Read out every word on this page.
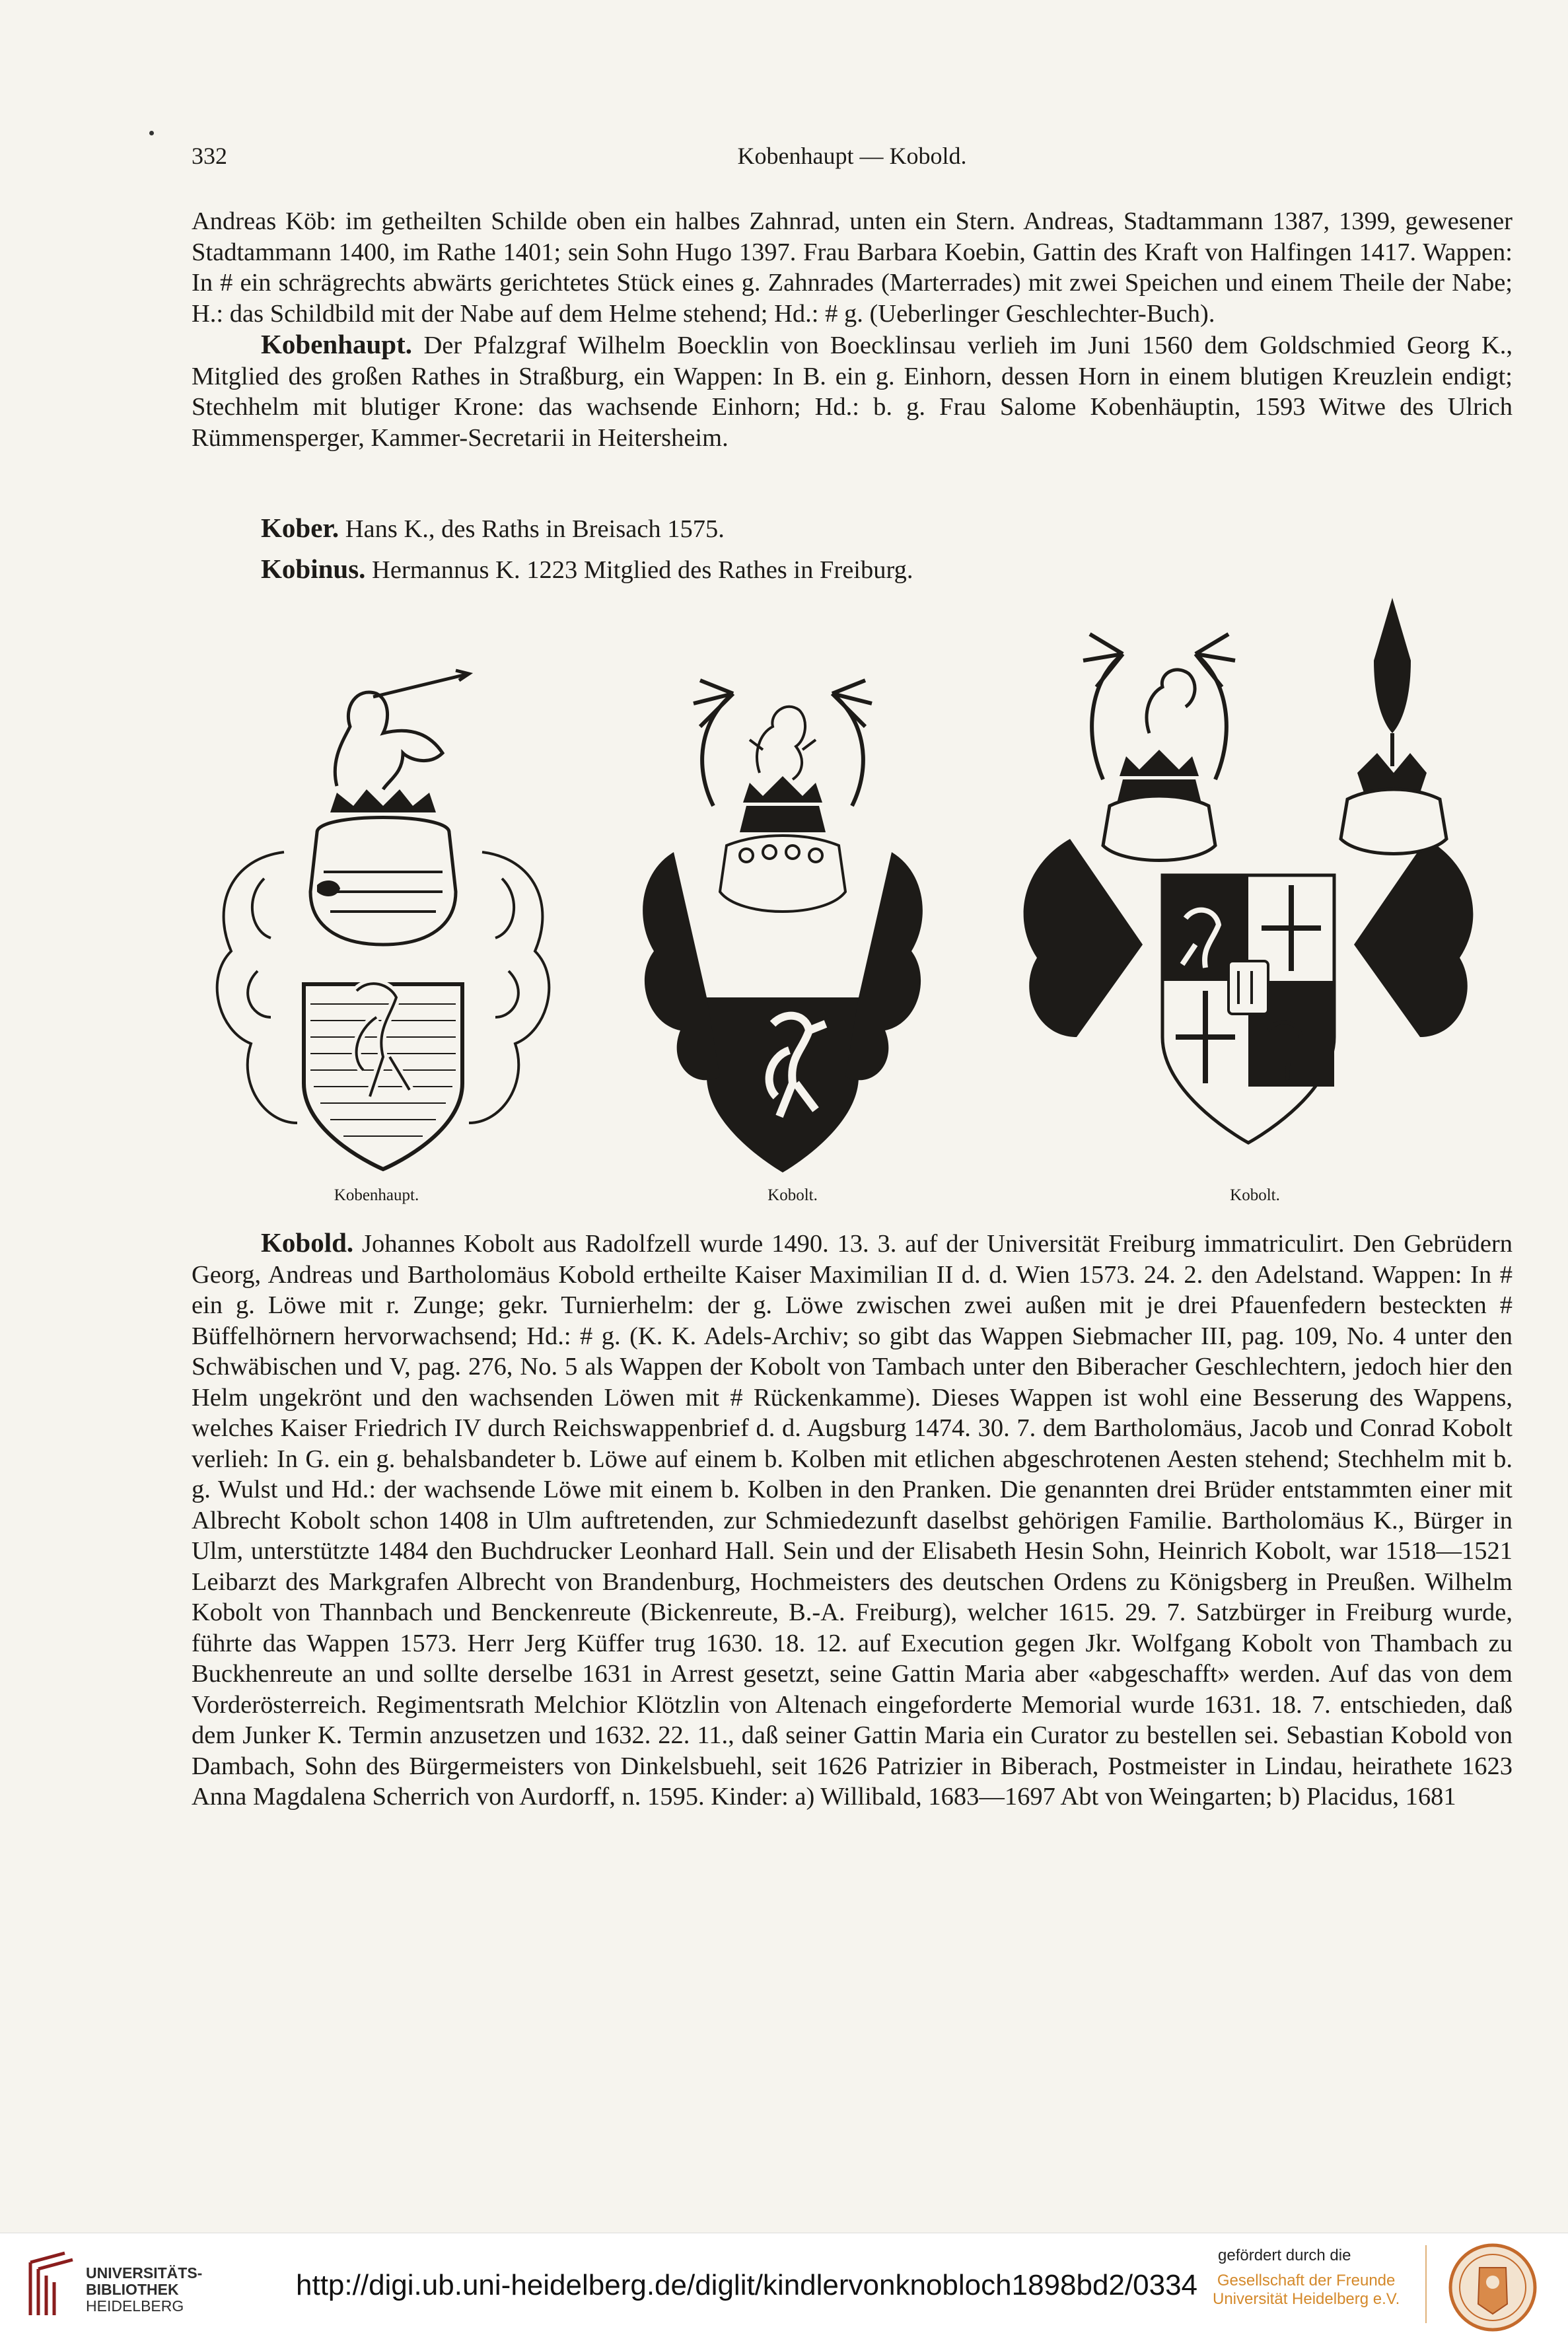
332	Kobenhaupt — Kobold.

Andreas Köb: im getheilten Schilde oben ein halbes Zahnrad, unten ein Stern. Andreas, Stadtammann 1387, 1399, gewesener Stadtammann 1400, im Rathe 1401; sein Sohn Hugo 1397. Frau Barbara Koebin, Gattin des Kraft von Halfingen 1417. Wappen: In # ein schrägrechts abwärts gerichtetes Stück eines g. Zahnrades (Marterrades) mit zwei Speichen und einem Theile der Nabe; H.: das Schildbild mit der Nabe auf dem Helme stehend; Hd.: # g. (Ueberlinger Geschlechter-Buch).

Kobenhaupt. Der Pfalzgraf Wilhelm Boecklin von Boecklinsau verlieh im Juni 1560 dem Goldschmied Georg K., Mitglied des großen Rathes in Straßburg, ein Wappen: In B. ein g. Einhorn, dessen Horn in einem blutigen Kreuzlein endigt; Stechhelm mit blutiger Krone: das wachsende Einhorn; Hd.: b. g. Frau Salome Kobenhäuptin, 1593 Witwe des Ulrich Rümmensperger, Kammer-Secretarii in Heitersheim.

Kober. Hans K., des Raths in Breisach 1575.

Kobinus. Hermannus K. 1223 Mitglied des Rathes in Freiburg.

Kobenhaupt.	Kobolt.	Kobolt.

Kobold. Johannes Kobolt aus Radolfzell wurde 1490. 13. 3. auf der Universität Freiburg immatriculirt. Den Gebrüdern Georg, Andreas und Bartholomäus Kobold ertheilte Kaiser Maximilian II d. d. Wien 1573. 24. 2. den Adelstand. Wappen: In # ein g. Löwe mit r. Zunge; gekr. Turnierhelm: der g. Löwe zwischen zwei außen mit je drei Pfauenfedern besteckten # Büffelhörnern hervorwachsend; Hd.: # g. (K. K. Adels-Archiv; so gibt das Wappen Siebmacher III, pag. 109, No. 4 unter den Schwäbischen und V, pag. 276, No. 5 als Wappen der Kobolt von Tambach unter den Biberacher Geschlechtern, jedoch hier den Helm ungekrönt und den wachsenden Löwen mit # Rückenkamme). Dieses Wappen ist wohl eine Besserung des Wappens, welches Kaiser Friedrich IV durch Reichswappenbrief d. d. Augsburg 1474. 30. 7. dem Bartholomäus, Jacob und Conrad Kobolt verlieh: In G. ein g. behalsbandeter b. Löwe auf einem b. Kolben mit etlichen abgeschrotenen Aesten stehend; Stechhelm mit b. g. Wulst und Hd.: der wachsende Löwe mit einem b. Kolben in den Pranken. Die genannten drei Brüder entstammten einer mit Albrecht Kobolt schon 1408 in Ulm auftretenden, zur Schmiedezunft daselbst gehörigen Familie. Bartholomäus K., Bürger in Ulm, unterstützte 1484 den Buchdrucker Leonhard Hall. Sein und der Elisabeth Hesin Sohn, Heinrich Kobolt, war 1518—1521 Leibarzt des Markgrafen Albrecht von Brandenburg, Hochmeisters des deutschen Ordens zu Königsberg in Preußen. Wilhelm Kobolt von Thannbach und Benckenreute (Bickenreute, B.-A. Freiburg), welcher 1615. 29. 7. Satzbürger in Freiburg wurde, führte das Wappen 1573. Herr Jerg Küffer trug 1630. 18. 12. auf Execution gegen Jkr. Wolfgang Kobolt von Thambach zu Buckhenreute an und sollte derselbe 1631 in Arrest gesetzt, seine Gattin Maria aber «abgeschafft» werden. Auf das von dem Vorderösterreich. Regimentsrath Melchior Klötzlin von Altenach eingeforderte Memorial wurde 1631. 18. 7. entschieden, daß dem Junker K. Termin anzusetzen und 1632. 22. 11., daß seiner Gattin Maria ein Curator zu bestellen sei. Sebastian Kobold von Dambach, Sohn des Bürgermeisters von Dinkelsbuehl, seit 1626 Patrizier in Biberach, Postmeister in Lindau, heirathete 1623 Anna Magdalena Scherrich von Aurdorff, n. 1595. Kinder: a) Willibald, 1683—1697 Abt von Weingarten; b) Placidus, 1681

UNIVERSITÄTS-
BIBLIOTHEK
HEIDELBERG
http://digi.ub.uni-heidelberg.de/diglit/kindlervonknobloch1898bd2/0334
gefördert durch die
Gesellschaft der Freunde
Universität Heidelberg e.V.
